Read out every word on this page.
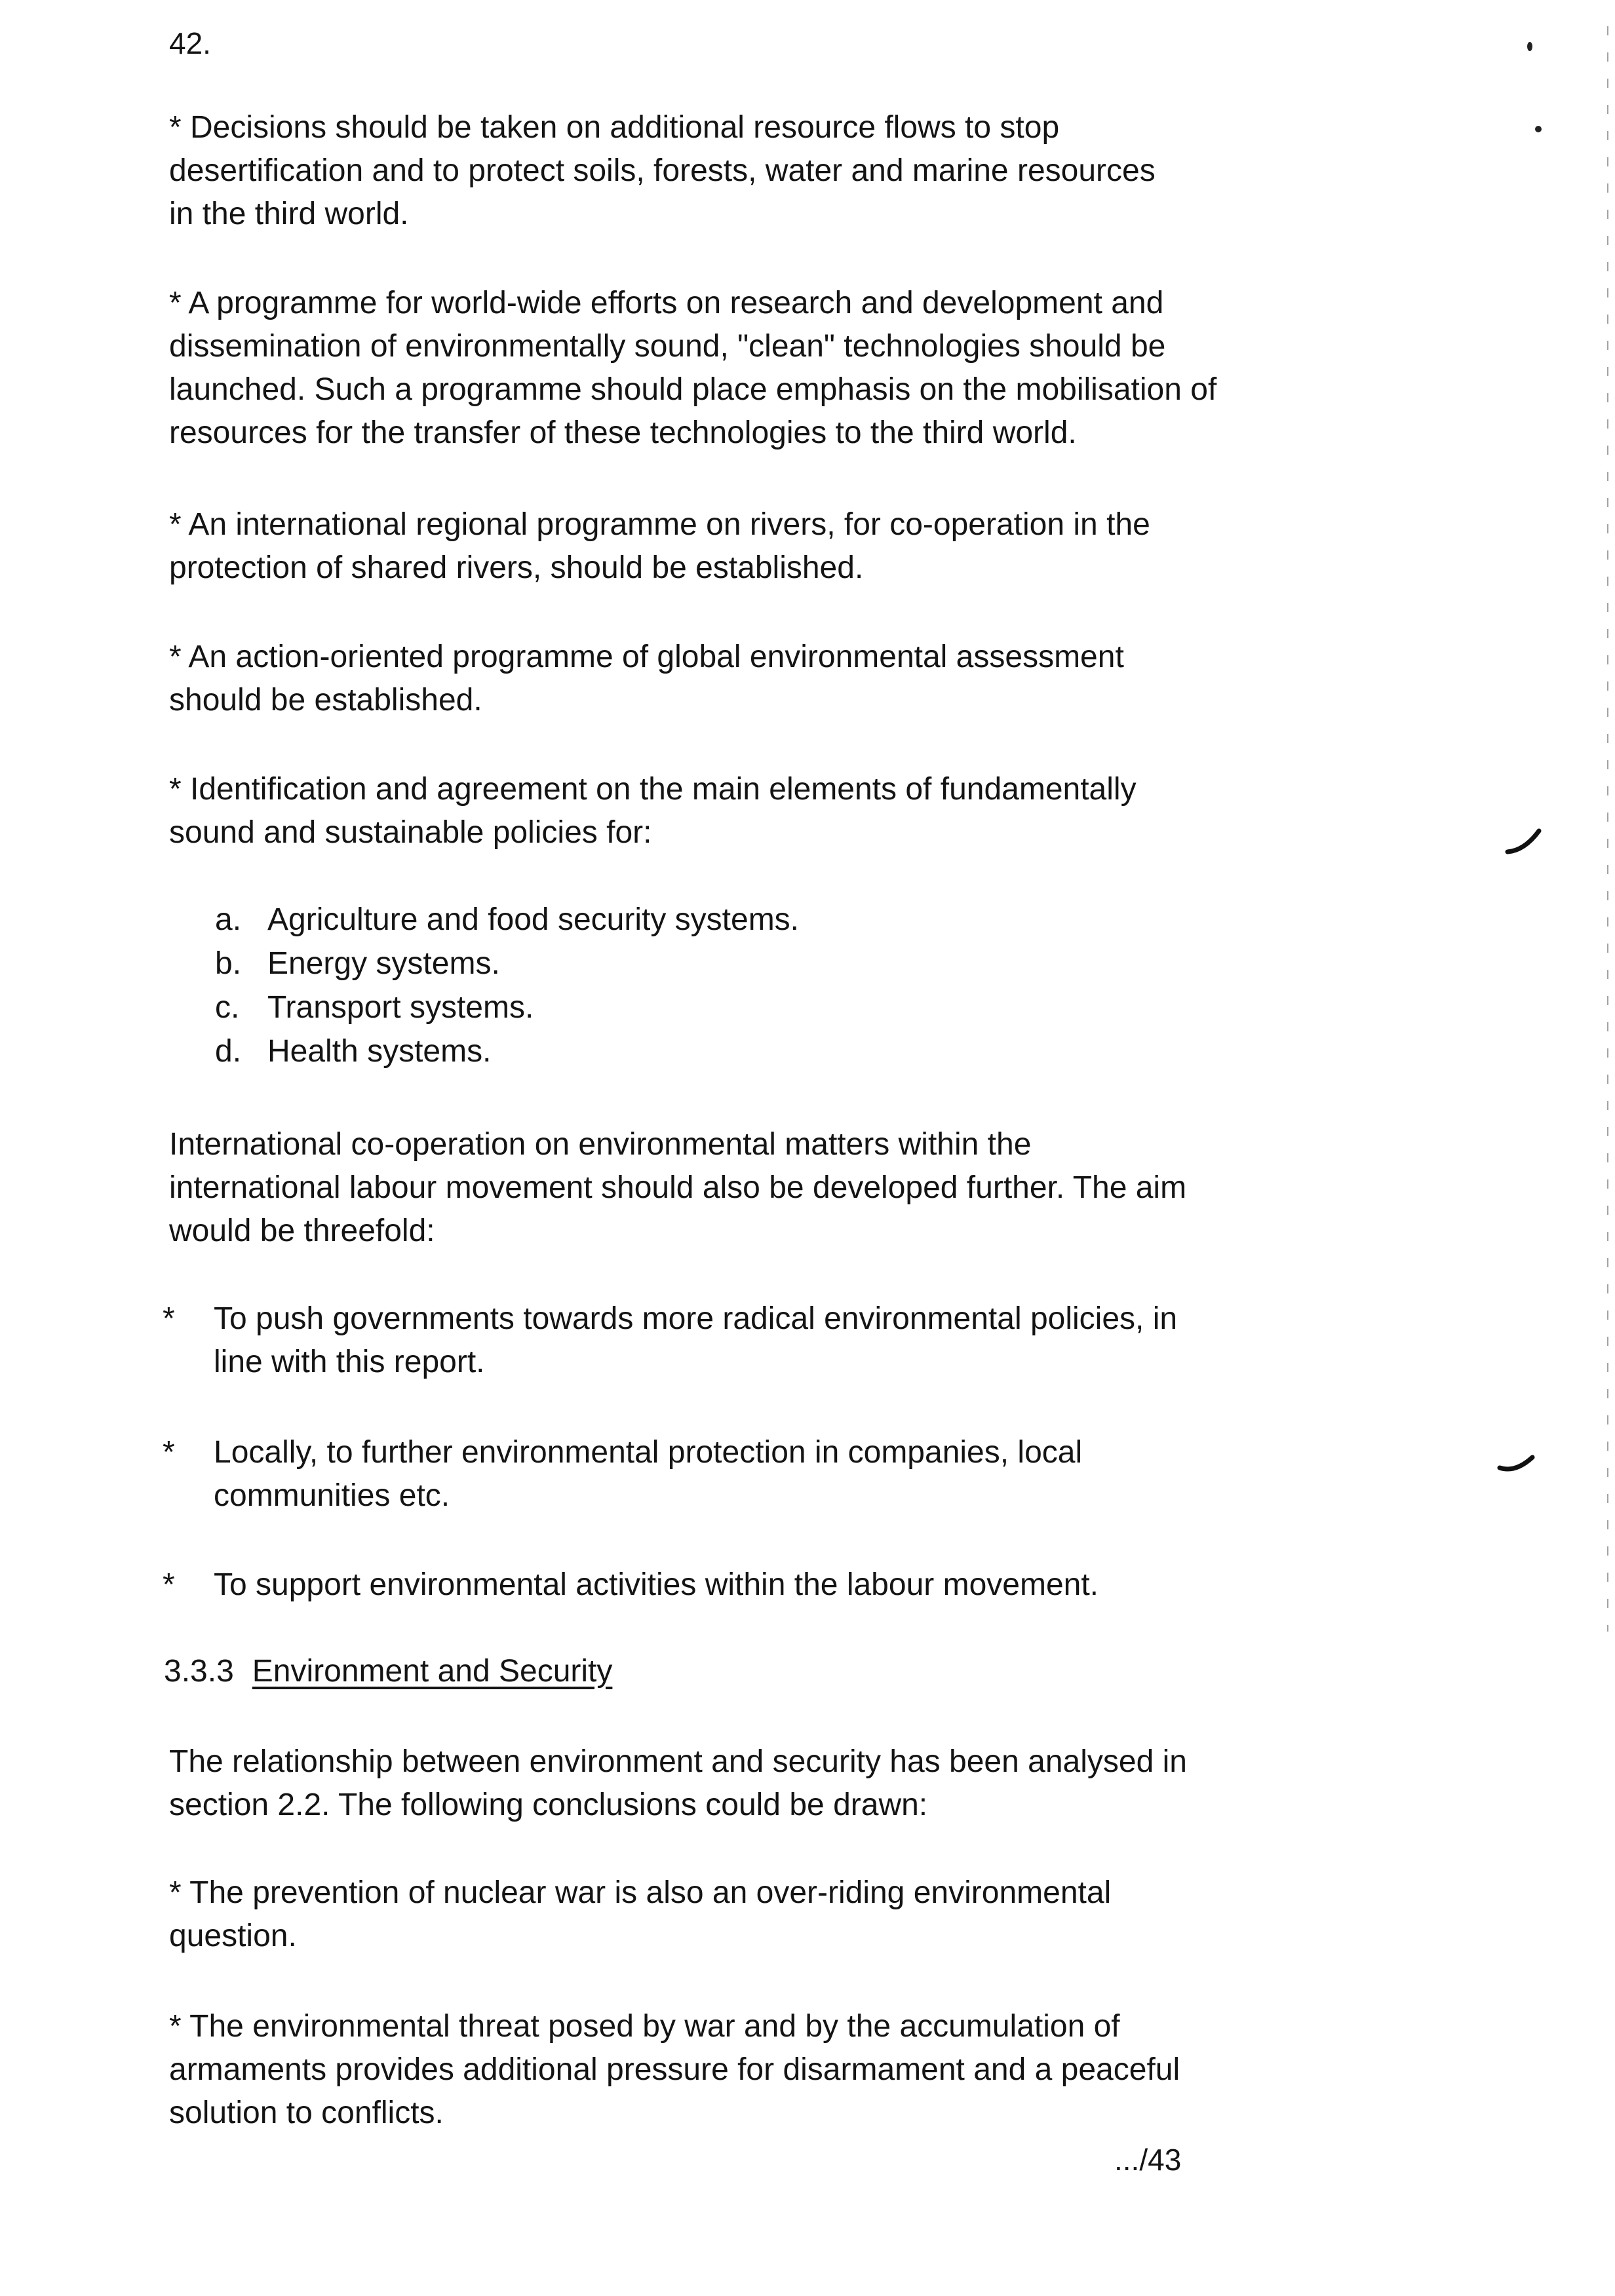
42.

* Decisions should be taken on additional resource flows to stop
desertification and to protect soils, forests, water and marine resources
in the third world.

* A programme for world-wide efforts on research and development and
dissemination of environmentally sound, "clean" technologies should be
launched. Such a programme should place emphasis on the mobilisation of
resources for the transfer of these technologies to the third world.

* An international regional programme on rivers, for co-operation in the
protection of shared rivers, should be established.

* An action-oriented programme of global environmental assessment
should be established.

* Identification and agreement on the main elements of fundamentally
sound and sustainable policies for:

a. Agriculture and food security systems.
b. Energy systems.
c. Transport systems.
d. Health systems.

International co-operation on environmental matters within the
international labour movement should also be developed further. The aim
would be threefold:

*	To push governments towards more radical environmental policies, in
line with this report.
*	Locally, to further environmental protection in companies, local
communities etc.
*	To support environmental activities within the labour movement.
3.3.3 Environment and Security

The relationship between environment and security has been analysed in
section 2.2. The following conclusions could be drawn:

* The prevention of nuclear war is also an over-riding environmental
question.

* The environmental threat posed by war and by the accumulation of
armaments provides additional pressure for disarmament and a peaceful
solution to conflicts.

.../43
